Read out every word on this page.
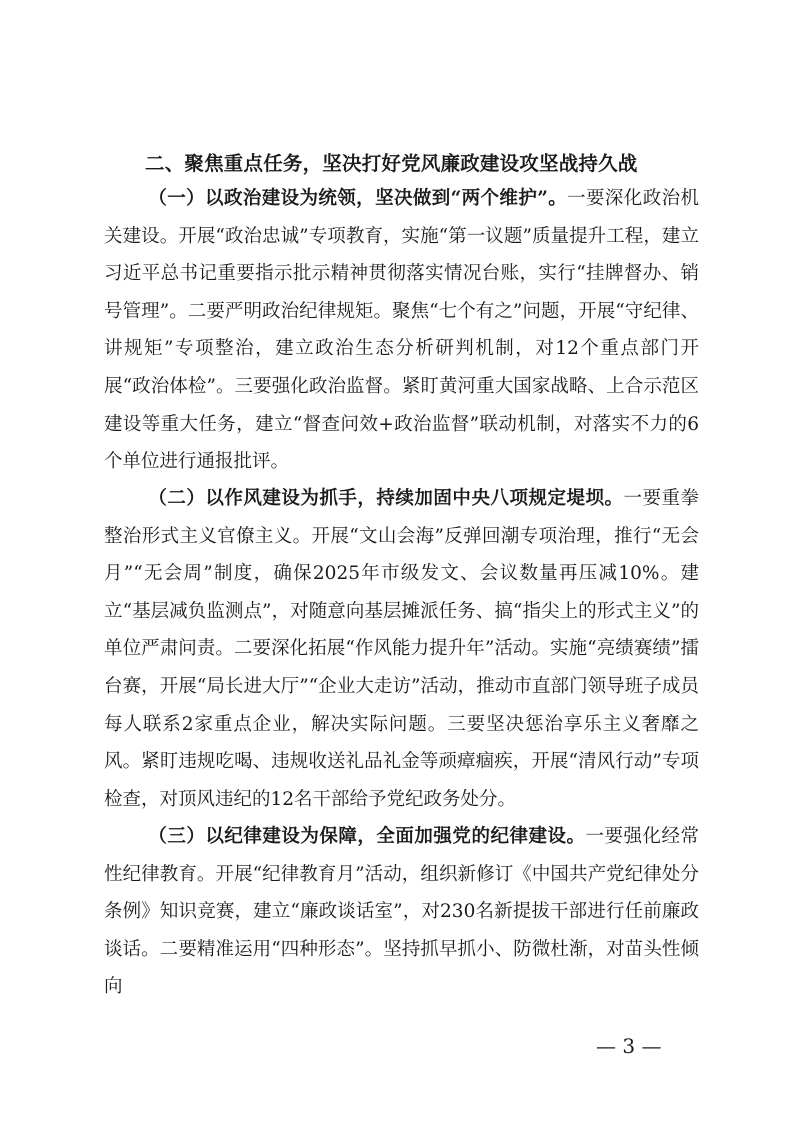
二、聚焦重点任务，坚决打好党风廉政建设攻坚战持久战

（一）以政治建设为统领，坚决做到“两个维护”。一要深化政治机关建设。开展“政治忠诚”专项教育，实施“第一议题”质量提升工程，建立习近平总书记重要指示批示精神贯彻落实情况台账，实行“挂牌督办、销号管理”。二要严明政治纪律规矩。聚焦“七个有之”问题，开展“守纪律、讲规矩”专项整治，建立政治生态分析研判机制，对12个重点部门开展“政治体检”。三要强化政治监督。紧盯黄河重大国家战略、上合示范区建设等重大任务，建立“督查问效+政治监督”联动机制，对落实不力的6个单位进行通报批评。

（二）以作风建设为抓手，持续加固中央八项规定堤坝。一要重拳整治形式主义官僚主义。开展“文山会海”反弹回潮专项治理，推行“无会月”“无会周”制度，确保2025年市级发文、会议数量再压减10%。建立“基层减负监测点”，对随意向基层摊派任务、搞“指尖上的形式主义”的单位严肃问责。二要深化拓展“作风能力提升年”活动。实施“亮绩赛绩”擂台赛，开展“局长进大厅”“企业大走访”活动，推动市直部门领导班子成员每人联系2家重点企业，解决实际问题。三要坚决惩治享乐主义奢靡之风。紧盯违规吃喝、违规收送礼品礼金等顽瘴痼疾，开展“清风行动”专项检查，对顶风违纪的12名干部给予党纪政务处分。

（三）以纪律建设为保障，全面加强党的纪律建设。一要强化经常性纪律教育。开展“纪律教育月”活动，组织新修订《中国共产党纪律处分条例》知识竞赛，建立“廉政谈话室”，对230名新提拔干部进行任前廉政谈话。二要精准运用“四种形态”。坚持抓早抓小、防微杜渐，对苗头性倾向

— 3 —
